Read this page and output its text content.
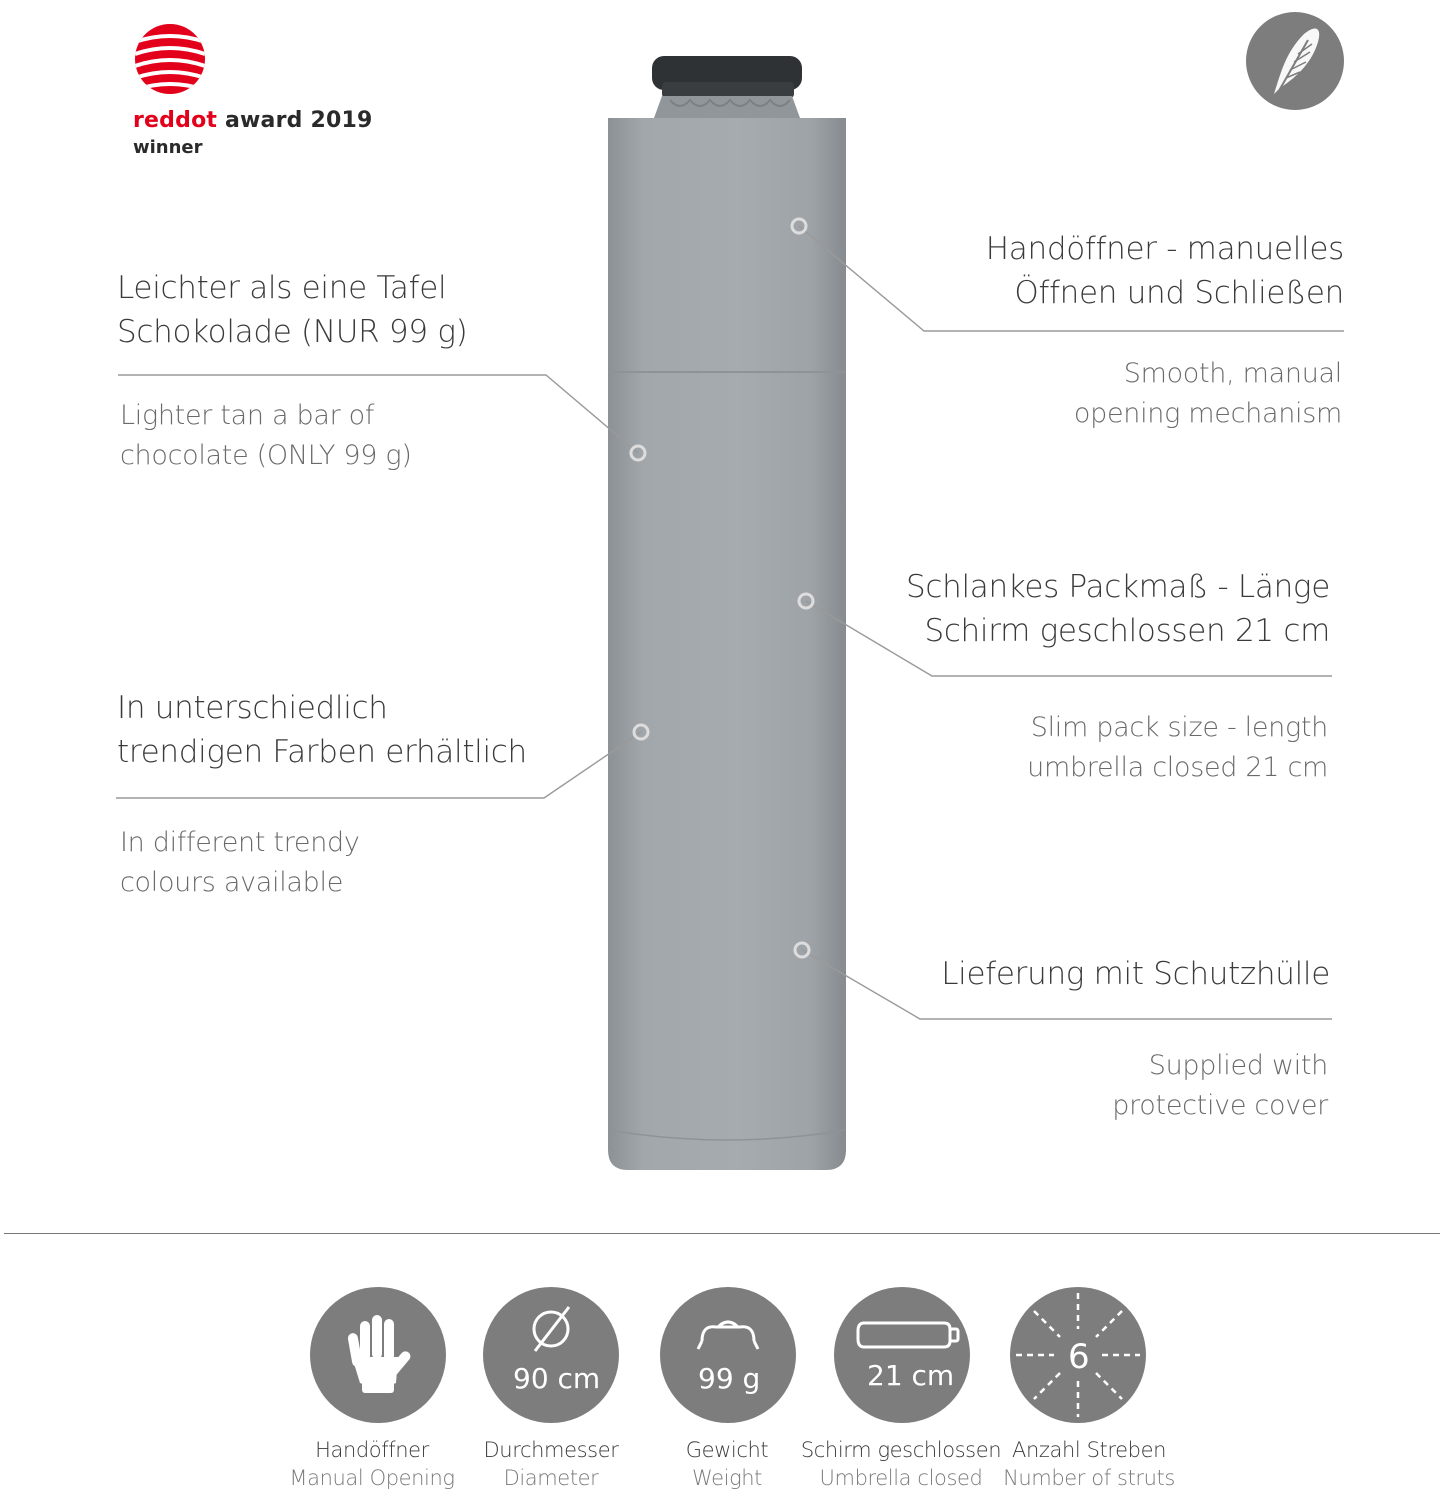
reddot award 2019
winner
Leichter als eine Tafel
Schokolade (NUR 99 g)
Lighter tan a bar of
chocolate (ONLY 99 g)
In unterschiedlich
trendigen Farben erhältlich
In different trendy
colours available
Handöffner - manuelles
Öffnen und Schließen
Smooth, manual
opening mechanism
Schlankes Packmaß - Länge
Schirm geschlossen 21 cm
Slim pack size - length
umbrella closed 21 cm
Lieferung mit Schutzhülle
Supplied with
protective cover
90 cm	99 g	21 cm	6
Handöffner
Manual Opening
Durchmesser
Diameter
Gewicht
Weight
Schirm geschlossen
Umbrella closed
Anzahl Streben
Number of struts
